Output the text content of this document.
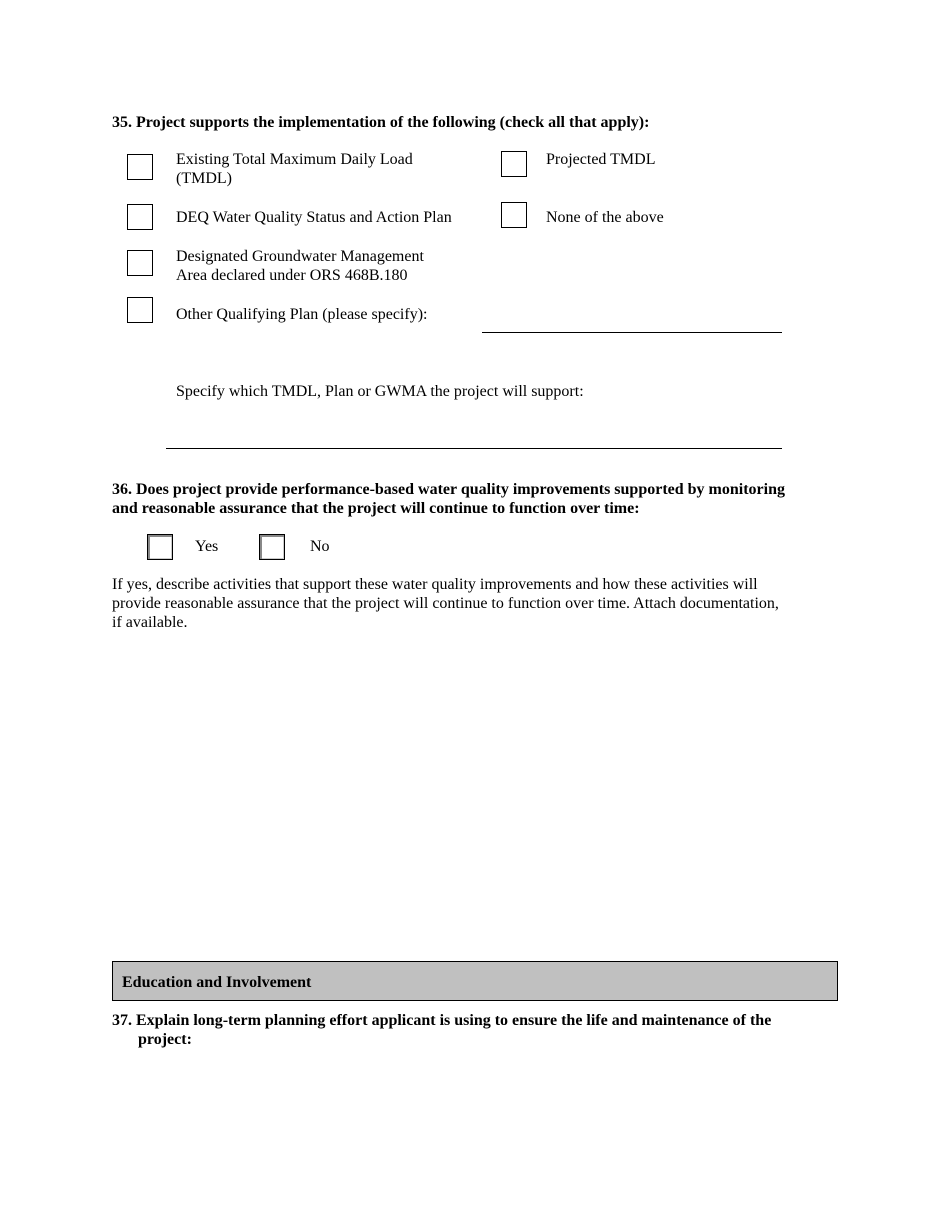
35. Project supports the implementation of the following (check all that apply):
Existing Total Maximum Daily Load
(TMDL)
Projected TMDL
DEQ Water Quality Status and Action Plan	None of the above
Designated Groundwater Management
Area declared under ORS 468B.180
Other Qualifying Plan (please specify):
Specify which TMDL, Plan or GWMA the project will support:
36. Does project provide performance-based water quality improvements supported by monitoring
and reasonable assurance that the project will continue to function over time:
Yes	No
If yes, describe activities that support these water quality improvements and how these activities will
provide reasonable assurance that the project will continue to function over time. Attach documentation,
if available.
Education and Involvement
37. Explain long-term planning effort applicant is using to ensure the life and maintenance of the
project:
